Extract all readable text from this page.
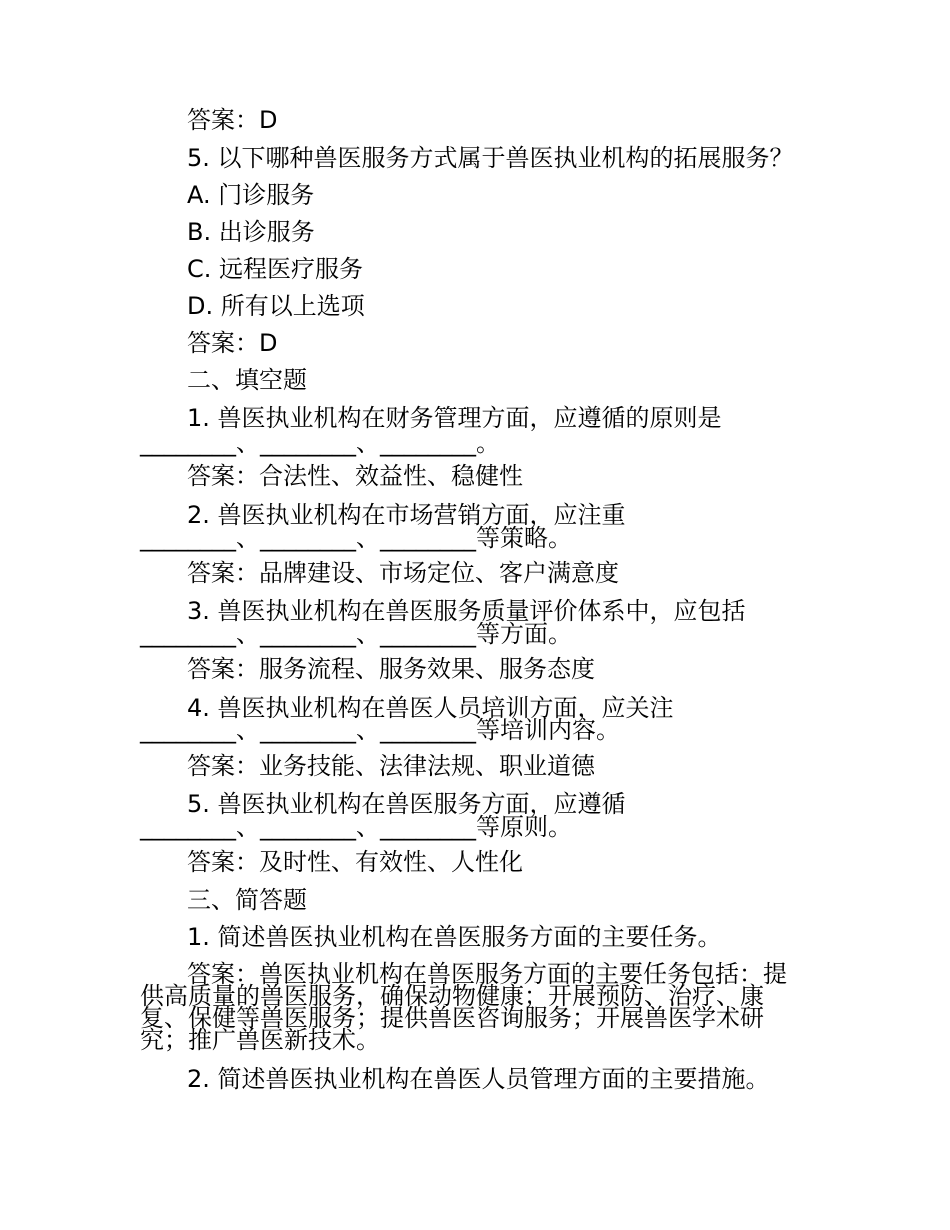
答案：D

5. 以下哪种兽医服务方式属于兽医执业机构的拓展服务？

A. 门诊服务

B. 出诊服务

C. 远程医疗服务

D. 所有以上选项

答案：D

二、填空题

1. 兽医执业机构在财务管理方面，应遵循的原则是

________、________、________。

答案：合法性、效益性、稳健性

2. 兽医执业机构在市场营销方面，应注重

________、________、________等策略。

答案：品牌建设、市场定位、客户满意度

3. 兽医执业机构在兽医服务质量评价体系中，应包括

________、________、________等方面。

答案：服务流程、服务效果、服务态度

4. 兽医执业机构在兽医人员培训方面，应关注

________、________、________等培训内容。

答案：业务技能、法律法规、职业道德

5. 兽医执业机构在兽医服务方面，应遵循

________、________、________等原则。

答案：及时性、有效性、人性化

三、简答题

1. 简述兽医执业机构在兽医服务方面的主要任务。

答案：兽医执业机构在兽医服务方面的主要任务包括：提

供高质量的兽医服务，确保动物健康；开展预防、治疗、康

复、保健等兽医服务；提供兽医咨询服务；开展兽医学术研

究；推广兽医新技术。

2. 简述兽医执业机构在兽医人员管理方面的主要措施。
